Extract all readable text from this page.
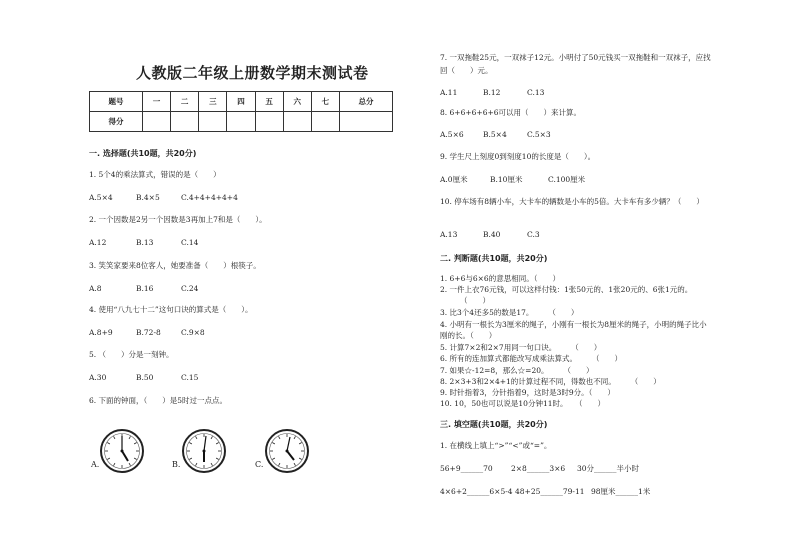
人教版二年级上册数学期末测试卷
题号	一	二	三	四	五	六	七	总分
得分								
一. 选择题(共10题，共20分)
1. 5个4的乘法算式，错误的是（　　）
A.5×4	B.4×5	C.4+4+4+4+4
2. 一个因数是2另一个因数是3再加上7和是（　　）。
A.12	B.13	C.14
3. 笑笑家要来8位客人，她要准备（　　）根筷子。
A.8	B.16	C.24
4. 使用“八九七十二”这句口诀的算式是（　　）。
A.8+9	B.72-8	C.9×8
5. （　　）分是一刻钟。
A.30	B.50	C.15
6. 下面的钟面，（　　）是5时过一点点。
A.	B.	C.
7. 一双拖鞋25元，一双袜子12元。小明付了50元钱买一双拖鞋和一双袜子，应找
回（　　）元。
A.11	B.12	C.13
8. 6+6+6+6+6可以用（　　）来计算。
A.5×6	B.5×4	C.5×3
9. 学生尺上刻度0到刻度10的长度是（　　）。
A.0厘米	B.10厘米	C.100厘米
10. 停车场有8辆小车，大卡车的辆数是小车的5倍。大卡车有多少辆？（　　）
A.13	B.40	C.3
二. 判断题(共10题，共20分)
1. 6+6与6×6的意思相同。（　　）
2. 一件上衣76元钱，可以这样付钱：1张50元的、1张20元的、6张1元的。
（　　）
3. 比3个4还多5的数是17。　　　（　　）
4. 小明有一根长为3厘米的绳子，小刚有一根长为8厘米的绳子，小明的绳子比小
刚的长。（　　）
5. 计算7×2和2×7用同一句口诀。　　　（　　）
6. 所有的连加算式都能改写成乘法算式。　　　（　　）
7. 如果☆-12=8，那么☆=20。　　　（　　）
8. 2×3+3和2×4+1的计算过程不同，得数也不同。　　　（　　）
9. 时针指着3，分针指着9，这时是3时9分。（　　）
10. 10，50也可以说是10分钟11时。　　（　　）
三. 填空题(共10题，共20分)
1. 在横线上填上“>”“<”或“=”。
56+9______70 2×8______3×6 30分______半小时
4×6+2______6×5-4 48+25______79-11 98厘米______1米
